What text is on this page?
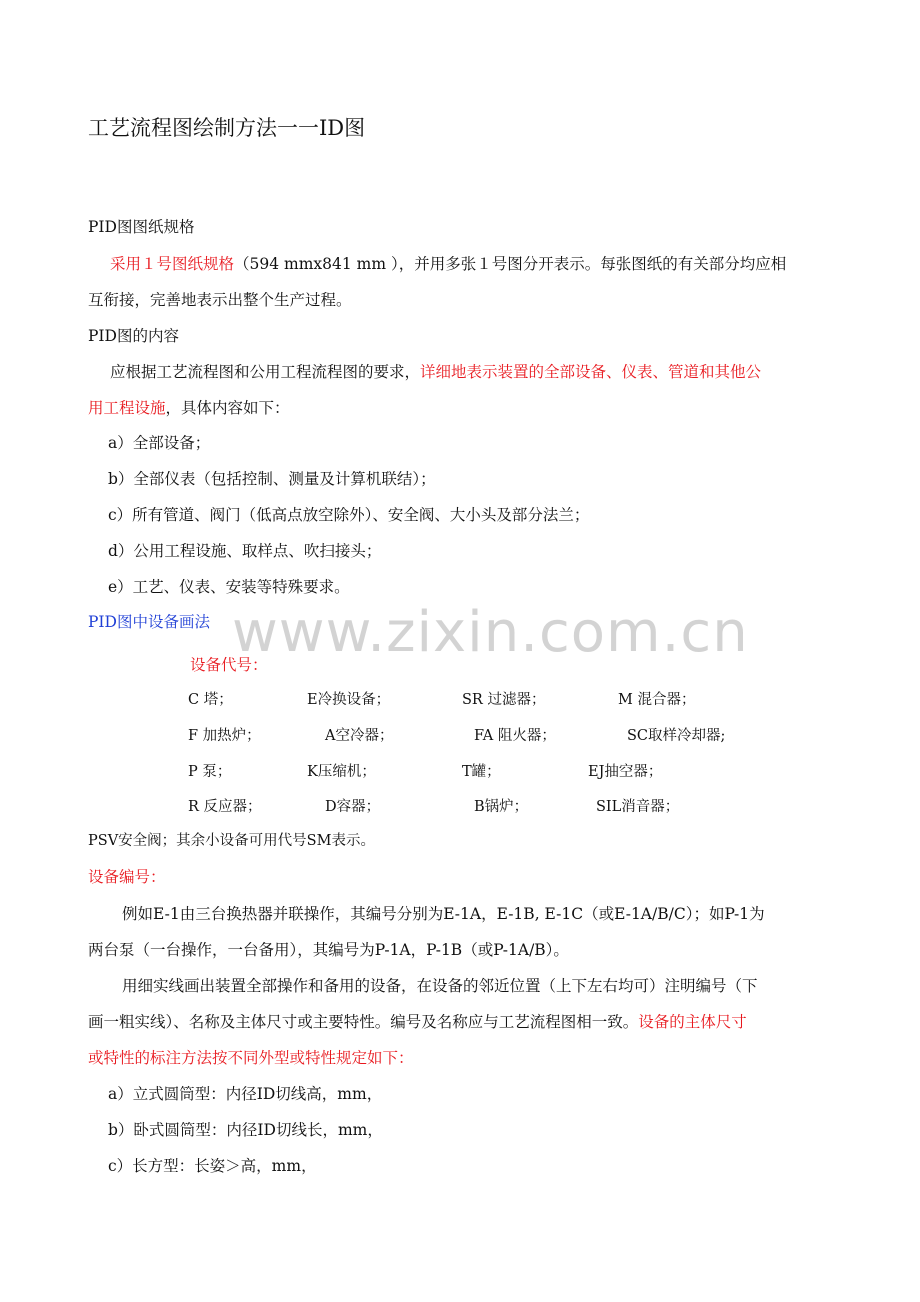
www.zixin.com.cn
工艺流程图绘制方法一一ID图
PID图图纸规格
采用１号图纸规格（594 mmx841 mm ），并用多张１号图分开表示。每张图纸的有关部分均应相
互衔接，完善地表示出整个生产过程。
PID图的内容
应根据工艺流程图和公用工程流程图的要求，详细地表示装置的全部设备、仪表、管道和其他公
用工程设施，具体内容如下：
a）全部设备；
b）全部仪表（包括控制、测量及计算机联结）；
c）所有管道、阀门（低高点放空除外）、安全阀、大小头及部分法兰；
d）公用工程设施、取样点、吹扫接头；
e）工艺、仪表、安装等特殊要求。
PID图中设备画法
设备代号：
C 塔；	E冷换设备；	SR 过滤器；	M 混合器；
F 加热炉；	A空冷器；	FA 阻火器；	SC取样冷却器;
P 泵；	K压缩机；	T罐；	EJ抽空器；
R 反应器；	D容器；	B锅炉；	SIL消音器；
PSV安全阀；其余小设备可用代号SM表示。
设备编号：
例如E-1由三台换热器并联操作，其编号分别为E-1A，E-1B, E-1C（或E-1A/B/C）；如P-1为
两台泵（一台操作，一台备用），其编号为P-1A，P-1B（或P-1A/B）。
用细实线画出装置全部操作和备用的设备，在设备的邻近位置（上下左右均可）注明编号（下
画一粗实线）、名称及主体尺寸或主要特性。编号及名称应与工艺流程图相一致。设备的主体尺寸
或特性的标注方法按不同外型或特性规定如下：
a）立式圆筒型：内径ID切线高，mm，
b）卧式圆筒型：内径ID切线长，mm，
c）长方型：长姿＞高，mm，
